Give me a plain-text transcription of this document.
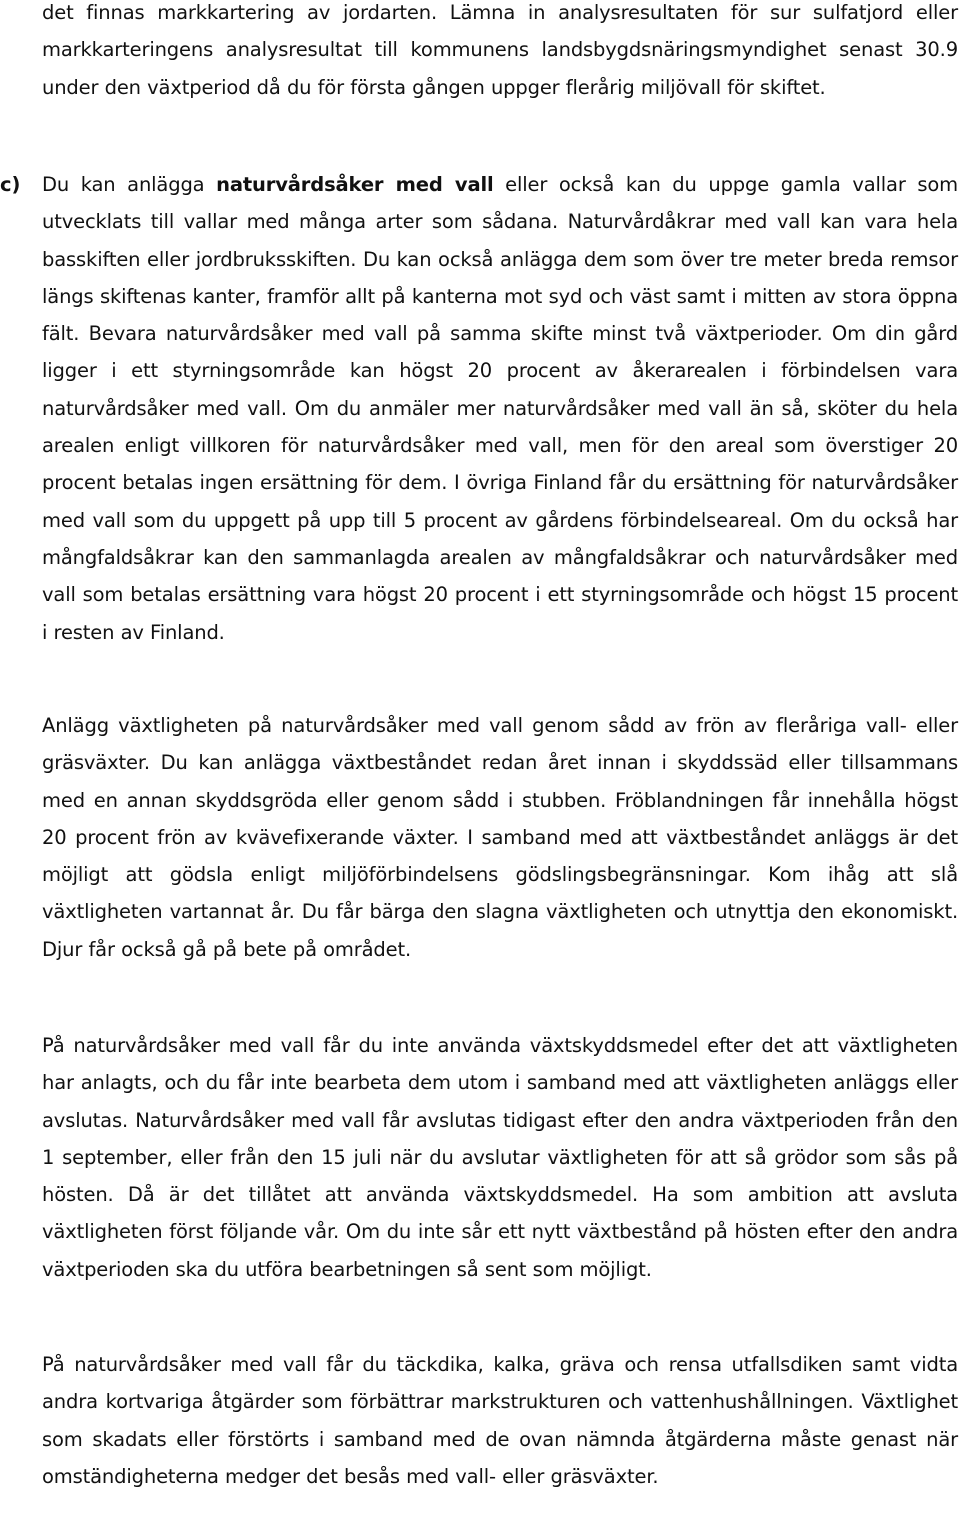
det finnas markkartering av jordarten. Lämna in analysresultaten för sur sulfatjord eller markkarteringens analysresultat till kommunens landsbygdsnäringsmyndighet senast 30.9 under den växtperiod då du för första gången uppger flerårig miljövall för skiftet.

c)	Du kan anlägga naturvårdsåker med vall eller också kan du uppge gamla vallar som utvecklats till vallar med många arter som sådana. Naturvårdåkrar med vall kan vara hela basskiften eller jordbruksskiften. Du kan också anlägga dem som över tre meter breda remsor längs skiftenas kanter, framför allt på kanterna mot syd och väst samt i mitten av stora öppna fält. Bevara naturvårdsåker med vall på samma skifte minst två växtperioder. Om din gård ligger i ett styrningsområde kan högst 20 procent av åkerarealen i förbindelsen vara naturvårdsåker med vall. Om du anmäler mer naturvårdsåker med vall än så, sköter du hela arealen enligt villkoren för naturvårdsåker med vall, men för den areal som överstiger 20 procent betalas ingen ersättning för dem. I övriga Finland får du ersättning för naturvårdsåker med vall som du uppgett på upp till 5 procent av gårdens förbindelseareal. Om du också har mångfaldsåkrar kan den sammanlagda arealen av mångfaldsåkrar och naturvårdsåker med vall som betalas ersättning vara högst 20 procent i ett styrningsområde och högst 15 procent i resten av Finland.

Anlägg växtligheten på naturvårdsåker med vall genom sådd av frön av fleråriga vall- eller gräsväxter. Du kan anlägga växtbeståndet redan året innan i skyddssäd eller tillsammans med en annan skyddsgröda eller genom sådd i stubben. Fröblandningen får innehålla högst 20 procent frön av kvävefixerande växter. I samband med att växtbeståndet anläggs är det möjligt att gödsla enligt miljöförbindelsens gödslingsbegränsningar. Kom ihåg att slå växtligheten vartannat år. Du får bärga den slagna växtligheten och utnyttja den ekonomiskt. Djur får också gå på bete på området.

På naturvårdsåker med vall får du inte använda växtskyddsmedel efter det att växtligheten har anlagts, och du får inte bearbeta dem utom i samband med att växtligheten anläggs eller avslutas. Naturvårdsåker med vall får avslutas tidigast efter den andra växtperioden från den 1 september, eller från den 15 juli när du avslutar växtligheten för att så grödor som sås på hösten. Då är det tillåtet att använda växtskyddsmedel. Ha som ambition att avsluta växtligheten först följande vår. Om du inte sår ett nytt växtbestånd på hösten efter den andra växtperioden ska du utföra bearbetningen så sent som möjligt.

På naturvårdsåker med vall får du täckdika, kalka, gräva och rensa utfallsdiken samt vidta andra kortvariga åtgärder som förbättrar markstrukturen och vattenhushållningen. Växtlighet som skadats eller förstörts i samband med de ovan nämnda åtgärderna måste genast när omständigheterna medger det besås med vall- eller gräsväxter.
